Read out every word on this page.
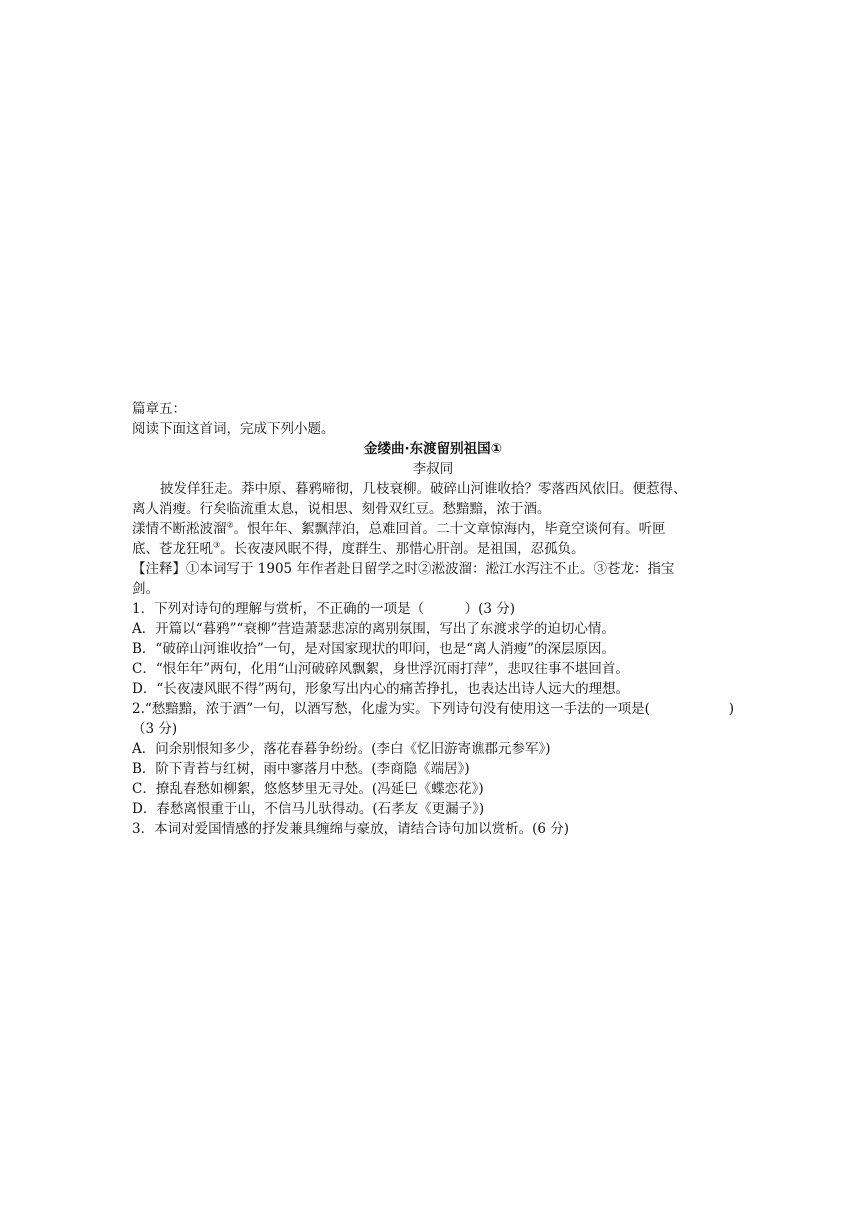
篇章五：
阅读下面这首词，完成下列小题。
金缕曲·东渡留别祖国①
李叔同
披发佯狂走。莽中原、暮鸦啼彻，几枝衰柳。破碎山河谁收拾？零落西风依旧。便惹得、
离人消瘦。行矣临流重太息，说相思、刻骨双红豆。愁黯黯，浓于酒。
漾情不断淞波溜②。恨年年、絮飘萍泊，总难回首。二十文章惊海内，毕竟空谈何有。听匣
底、苍龙狂吼③。长夜凄风眠不得，度群生、那惜心肝剖。是祖国，忍孤负。
【注释】①本词写于 1905 年作者赴日留学之时②淞波溜：淞江水泻注不止。③苍龙：指宝
剑。
1．下列对诗句的理解与赏析，不正确的一项是（　　　）(3 分)
A．开篇以“暮鸦”“衰柳”营造萧瑟悲凉的离别氛围，写出了东渡求学的迫切心情。
B．“破碎山河谁收拾”一句，是对国家现状的叩问，也是“离人消瘦”的深层原因。
C．“恨年年”两句，化用“山河破碎风飘絮，身世浮沉雨打萍”，悲叹往事不堪回首。
D．“长夜凄风眠不得”两句，形象写出内心的痛苦挣扎，也表达出诗人远大的理想。
2.“愁黯黯，浓于酒”一句，以酒写愁，化虚为实。下列诗句没有使用这一手法的一项是(	)
（3 分)
A．问余别恨知多少，落花春暮争纷纷。(李白《忆旧游寄谯郡元参军》)
B．阶下青苔与红树，雨中寥落月中愁。(李商隐《端居》)
C．撩乱春愁如柳絮，悠悠梦里无寻处。(冯延巳《蝶恋花》)
D．春愁离恨重于山，不信马儿驮得动。(石孝友《更漏子》)
3．本词对爱国情感的抒发兼具缠绵与豪放，请结合诗句加以赏析。(6 分)
